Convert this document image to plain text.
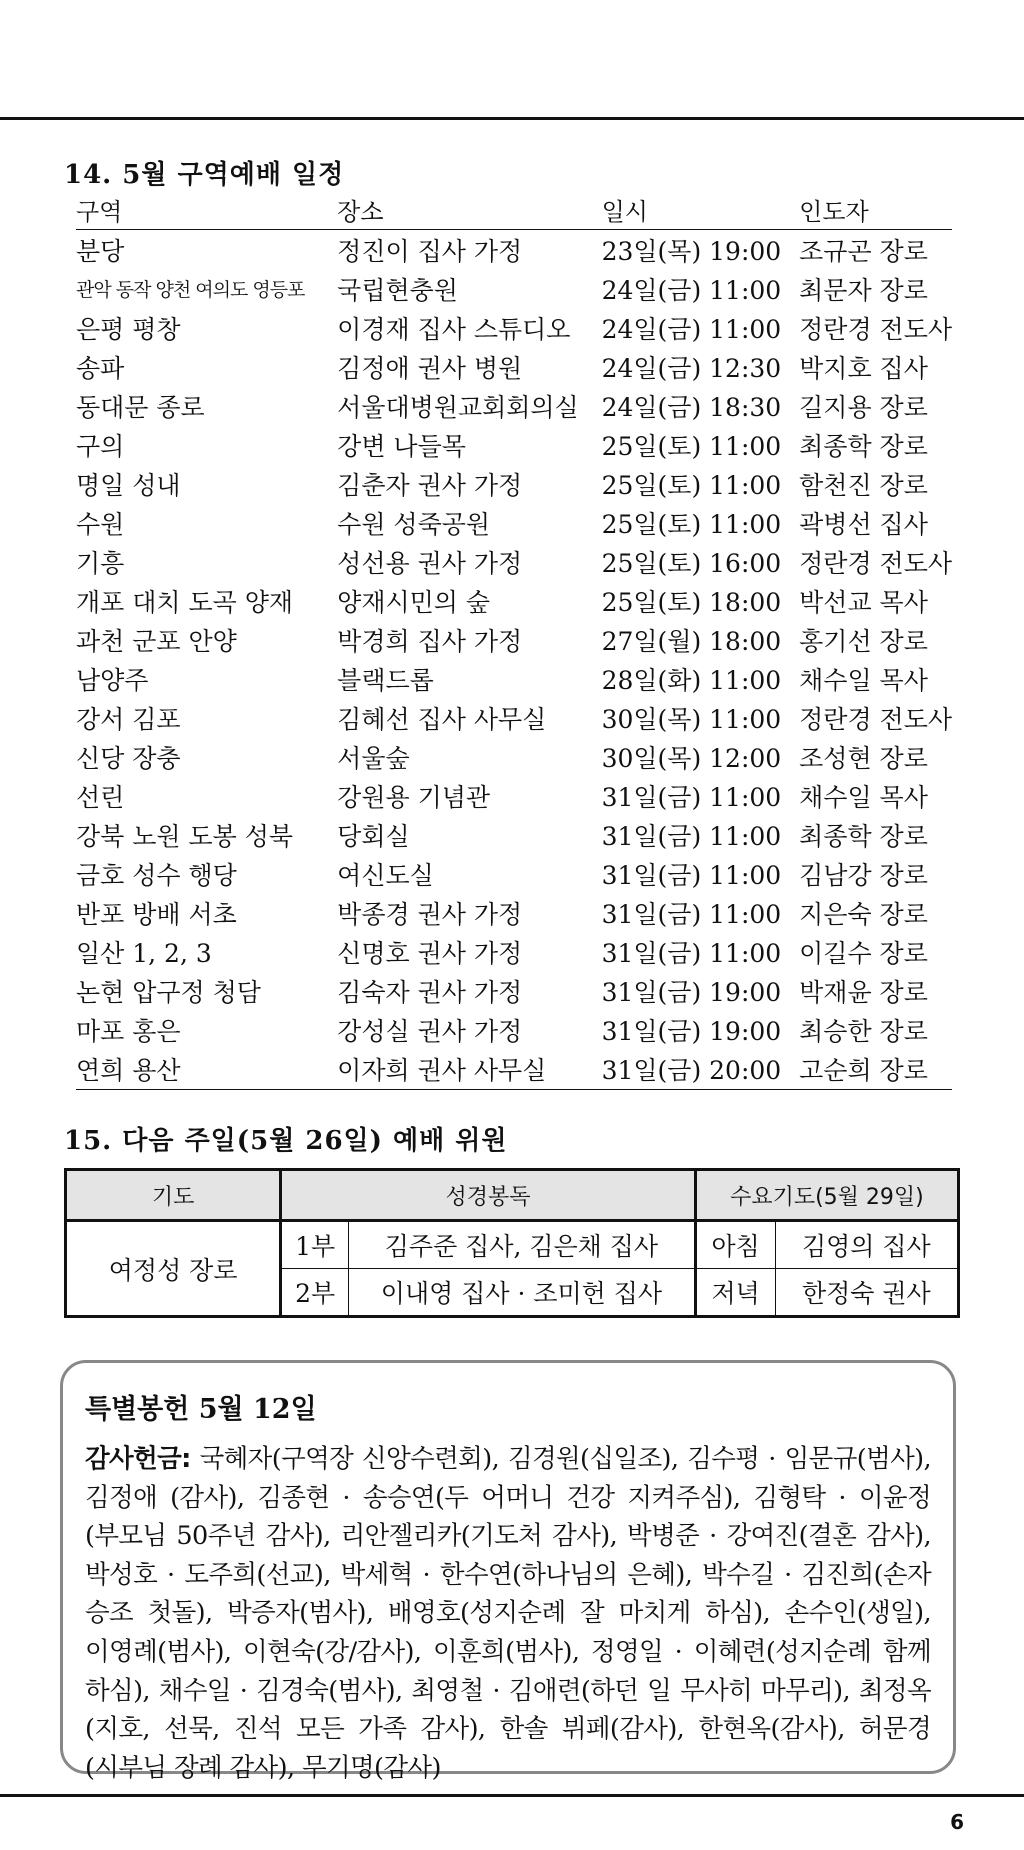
14. 5월 구역예배 일정
구역	장소	일시	인도자
분당	정진이 집사 가정	23일(목) 19:00	조규곤 장로
관악 동작 양천 여의도 영등포	국립현충원	24일(금) 11:00	최문자 장로
은평 평창	이경재 집사 스튜디오	24일(금) 11:00	정란경 전도사
송파	김정애 권사 병원	24일(금) 12:30	박지호 집사
동대문 종로	서울대병원교회회의실	24일(금) 18:30	길지용 장로
구의	강변 나들목	25일(토) 11:00	최종학 장로
명일 성내	김춘자 권사 가정	25일(토) 11:00	함천진 장로
수원	수원 성죽공원	25일(토) 11:00	곽병선 집사
기흥	성선용 권사 가정	25일(토) 16:00	정란경 전도사
개포 대치 도곡 양재	양재시민의 숲	25일(토) 18:00	박선교 목사
과천 군포 안양	박경희 집사 가정	27일(월) 18:00	홍기선 장로
남양주	블랙드롭	28일(화) 11:00	채수일 목사
강서 김포	김혜선 집사 사무실	30일(목) 11:00	정란경 전도사
신당 장충	서울숲	30일(목) 12:00	조성현 장로
선린	강원용 기념관	31일(금) 11:00	채수일 목사
강북 노원 도봉 성북	당회실	31일(금) 11:00	최종학 장로
금호 성수 행당	여신도실	31일(금) 11:00	김남강 장로
반포 방배 서초	박종경 권사 가정	31일(금) 11:00	지은숙 장로
일산 1, 2, 3	신명호 권사 가정	31일(금) 11:00	이길수 장로
논현 압구정 청담	김숙자 권사 가정	31일(금) 19:00	박재윤 장로
마포 홍은	강성실 권사 가정	31일(금) 19:00	최승한 장로
연희 용산	이자희 권사 사무실	31일(금) 20:00	고순희 장로
15. 다음 주일(5월 26일) 예배 위원
기도	성경봉독		수요기도(5월 29일)	
여정성 장로	1부	김주준 집사, 김은채 집사	아침	김영의 집사
	2부	이내영 집사 · 조미헌 집사	저녁	한정숙 권사
특별봉헌 5월 12일
감사헌금: 국혜자(구역장 신앙수련회), 김경원(십일조), 김수평 · 임문규(범사), 김정애 (감사), 김종현 · 송승연(두 어머니 건강 지켜주심), 김형탁 · 이윤정(부모님 50주년 감사), 리안젤리카(기도처 감사), 박병준 · 강여진(결혼 감사), 박성호 · 도주희(선교), 박세혁 · 한수연(하나님의 은혜), 박수길 · 김진희(손자 승조 첫돌), 박증자(범사), 배영호(성지순례 잘 마치게 하심), 손수인(생일), 이영례(범사), 이현숙(강/감사), 이훈희(범사), 정영일 · 이혜련(성지순례 함께 하심), 채수일 · 김경숙(범사), 최영철 · 김애련(하던 일 무사히 마무리), 최정옥(지호, 선묵, 진석 모든 가족 감사), 한솔 뷔페(감사), 한현옥(감사), 허문경(시부님 장례 감사), 무기명(감사)
6
